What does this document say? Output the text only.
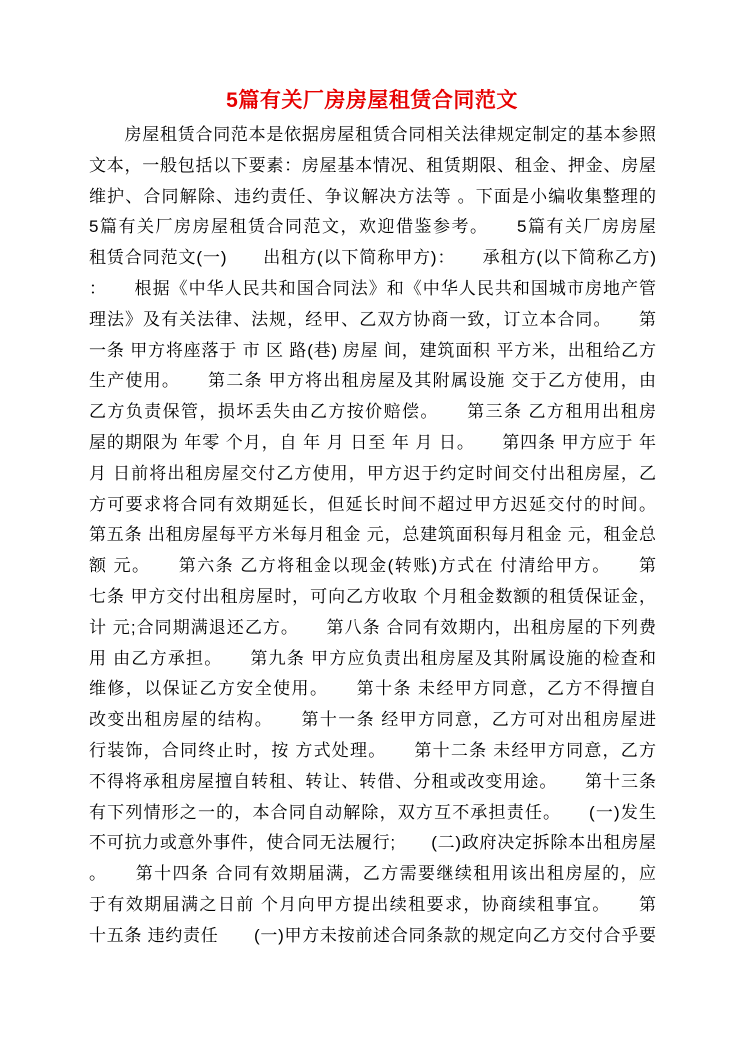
5篇有关厂房房屋租赁合同范文
　　房屋租赁合同范本是依据房屋租赁合同相关法律规定制定的基本参照
文本，一般包括以下要素：房屋基本情况、租赁期限、租金、押金、房屋
维护、合同解除、违约责任、争议解决方法等 。下面是小编收集整理的
5篇有关厂房房屋租赁合同范文，欢迎借鉴参考。　　5篇有关厂房房屋
租赁合同范文(一)　　出租方(以下简称甲方)：　　承租方(以下简称乙方)
：　　根据《中华人民共和国合同法》和《中华人民共和国城市房地产管
理法》及有关法律、法规，经甲、乙双方协商一致，订立本合同。　　第
一条 甲方将座落于 市 区 路(巷) 房屋 间，建筑面积 平方米，出租给乙方
生产使用。　　第二条 甲方将出租房屋及其附属设施 交于乙方使用，由
乙方负责保管，损坏丢失由乙方按价赔偿。　　第三条 乙方租用出租房
屋的期限为 年零 个月，自 年 月 日至 年 月 日。　　第四条 甲方应于 年
月 日前将出租房屋交付乙方使用，甲方迟于约定时间交付出租房屋，乙
方可要求将合同有效期延长，但延长时间不超过甲方迟延交付的时间。
第五条 出租房屋每平方米每月租金 元，总建筑面积每月租金 元，租金总
额 元。　　第六条 乙方将租金以现金(转账)方式在 付清给甲方。　　第
七条 甲方交付出租房屋时，可向乙方收取 个月租金数额的租赁保证金，
计 元;合同期满退还乙方。　　第八条 合同有效期内，出租房屋的下列费
用 由乙方承担。　　第九条 甲方应负责出租房屋及其附属设施的检查和
维修，以保证乙方安全使用。　　第十条 未经甲方同意，乙方不得擅自
改变出租房屋的结构。　　第十一条 经甲方同意，乙方可对出租房屋进
行装饰，合同终止时，按 方式处理。　　第十二条 未经甲方同意，乙方
不得将承租房屋擅自转租、转让、转借、分租或改变用途。　　第十三条
有下列情形之一的，本合同自动解除，双方互不承担责任。　　(一)发生
不可抗力或意外事件，使合同无法履行;　　(二)政府决定拆除本出租房屋
。　　第十四条 合同有效期届满，乙方需要继续租用该出租房屋的，应
于有效期届满之日前 个月向甲方提出续租要求，协商续租事宜。　　第
十五条 违约责任　　(一)甲方未按前述合同条款的规定向乙方交付合乎要
